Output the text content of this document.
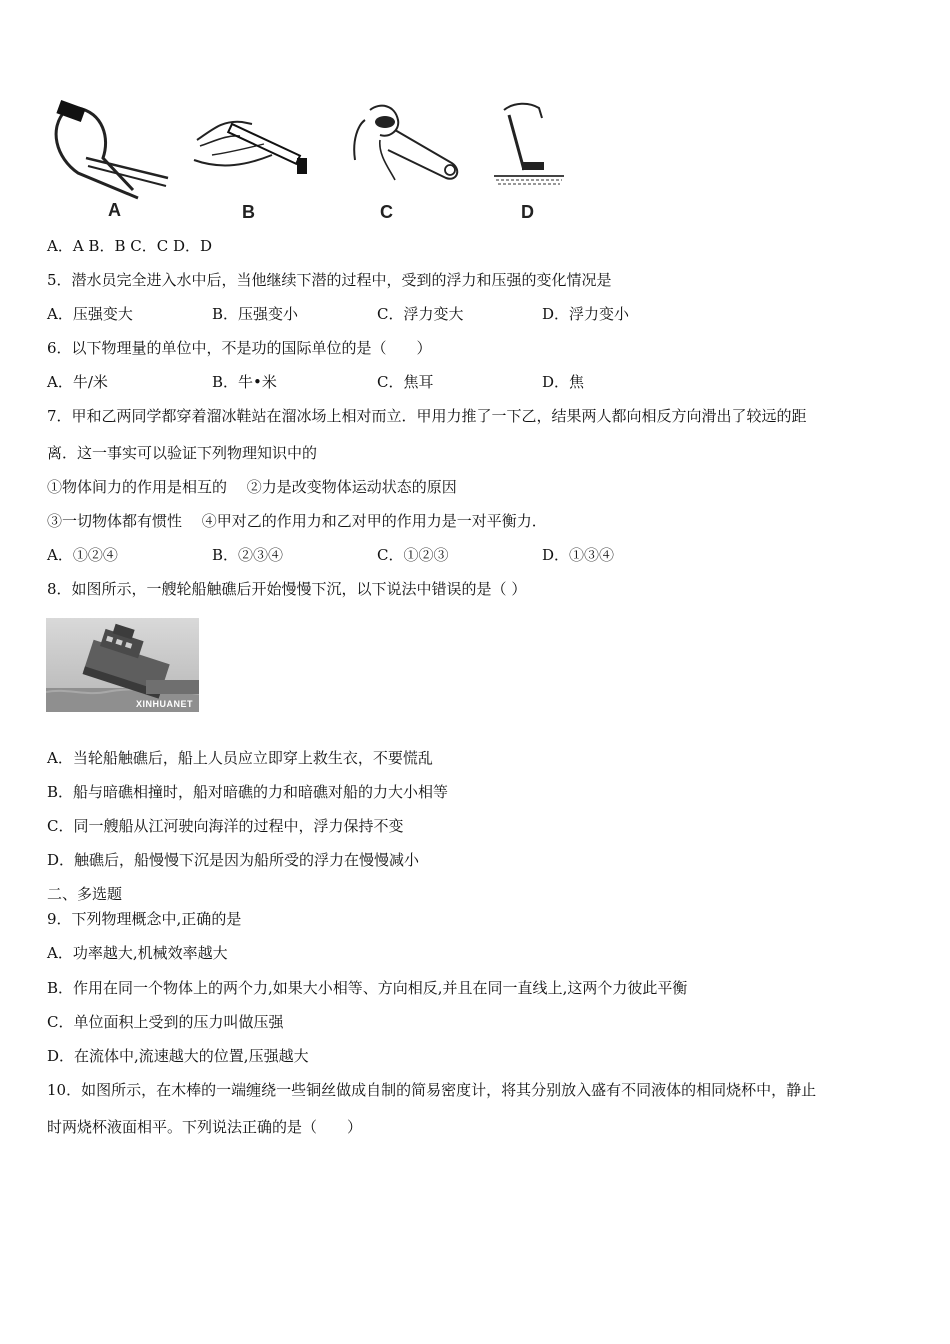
A	B	C	D
A．A B．B C．C D．D
5．潜水员完全进入水中后，当他继续下潜的过程中，受到的浮力和压强的变化情况是
A．压强变大	B．压强变小	C．浮力变大	D．浮力变小
6．以下物理量的单位中，不是功的国际单位的是（　　）
A．牛/米	B．牛•米	C．焦耳	D．焦
7．甲和乙两同学都穿着溜冰鞋站在溜冰场上相对而立．甲用力推了一下乙，结果两人都向相反方向滑出了较远的距
离．这一事实可以验证下列物理知识中的
①物体间力的作用是相互的　 ②力是改变物体运动状态的原因
③一切物体都有惯性　 ④甲对乙的作用力和乙对甲的作用力是一对平衡力．
A．①②④	B．②③④	C．①②③	D．①③④
8．如图所示，一艘轮船触礁后开始慢慢下沉，以下说法中错误的是（ ）
XINHUANET
A．当轮船触礁后，船上人员应立即穿上救生衣，不要慌乱
B．船与暗礁相撞时，船对暗礁的力和暗礁对船的力大小相等
C．同一艘船从江河驶向海洋的过程中，浮力保持不变
D．触礁后，船慢慢下沉是因为船所受的浮力在慢慢减小
二、多选题
9．下列物理概念中,正确的是
A．功率越大,机械效率越大
B．作用在同一个物体上的两个力,如果大小相等、方向相反,并且在同一直线上,这两个力彼此平衡
C．单位面积上受到的压力叫做压强
D．在流体中,流速越大的位置,压强越大
10．如图所示，在木棒的一端缠绕一些铜丝做成自制的简易密度计，将其分别放入盛有不同液体的相同烧杯中，静止
时两烧杯液面相平。下列说法正确的是（　　）
